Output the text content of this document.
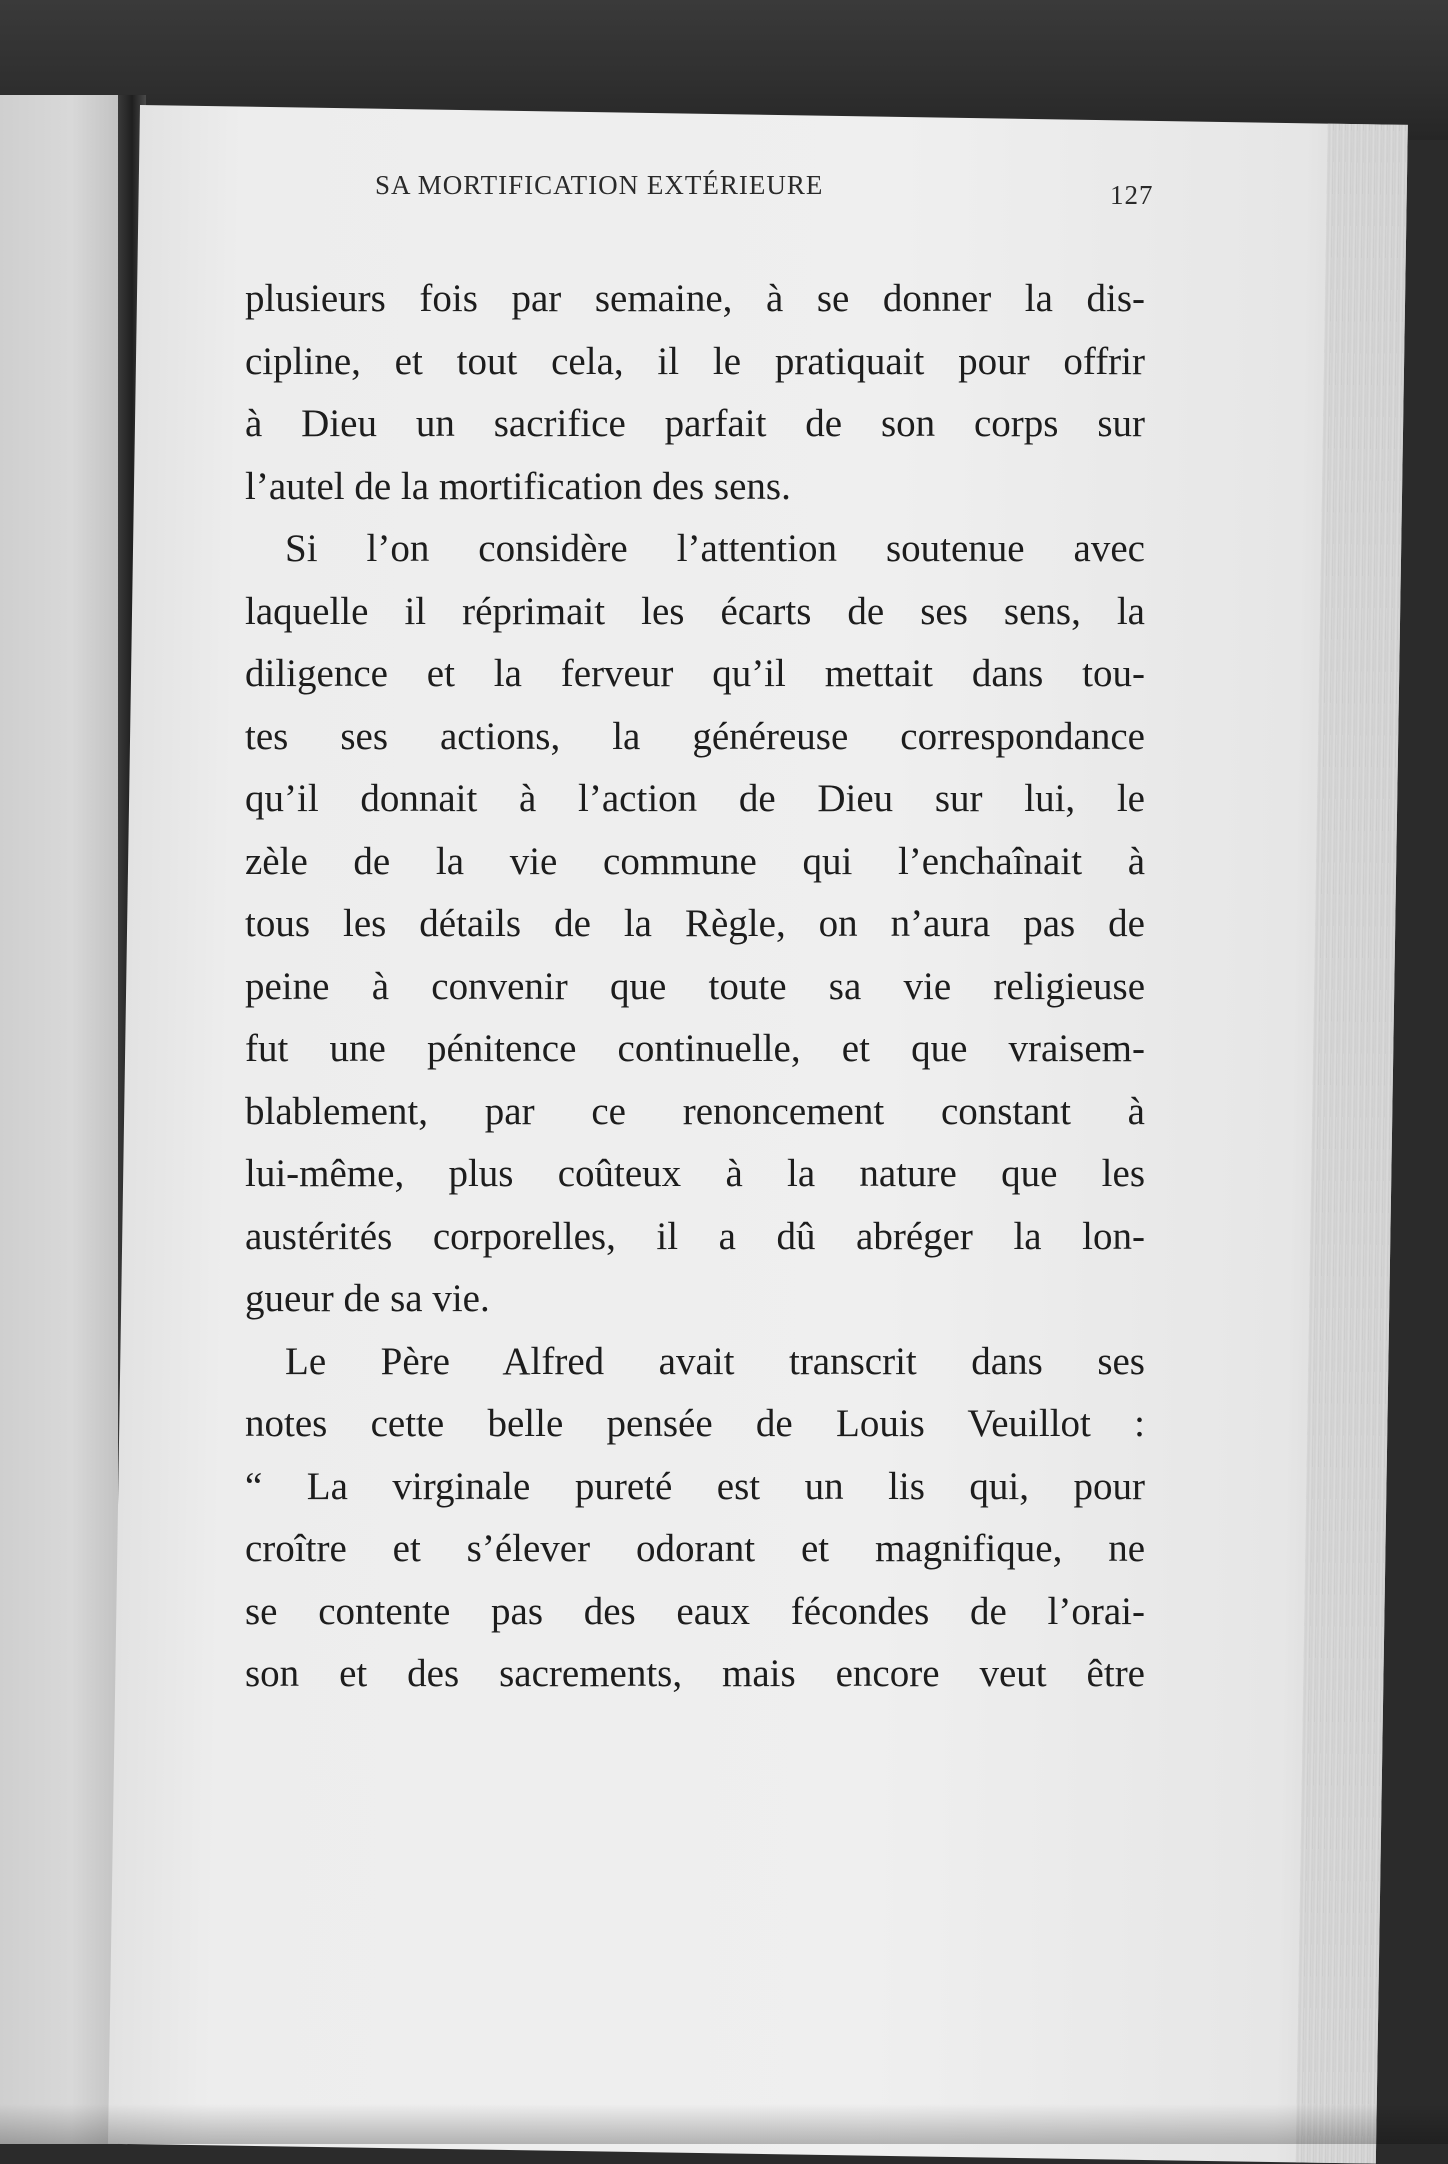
SA MORTIFICATION EXTÉRIEURE	127
plusieurs fois par semaine, à se donner la dis-
cipline, et tout cela, il le pratiquait pour offrir
à Dieu un sacrifice parfait de son corps sur
l’autel de la mortification des sens.
Si l’on considère l’attention soutenue avec
laquelle il réprimait les écarts de ses sens, la
diligence et la ferveur qu’il mettait dans tou-
tes ses actions, la généreuse correspondance
qu’il donnait à l’action de Dieu sur lui, le
zèle de la vie commune qui l’enchaînait à
tous les détails de la Règle, on n’aura pas de
peine à convenir que toute sa vie religieuse
fut une pénitence continuelle, et que vraisem-
blablement, par ce renoncement constant à
lui-même, plus coûteux à la nature que les
austérités corporelles, il a dû abréger la lon-
gueur de sa vie.
Le Père Alfred avait transcrit dans ses
notes cette belle pensée de Louis Veuillot :
“ La virginale pureté est un lis qui, pour
croître et s’élever odorant et magnifique, ne
se contente pas des eaux fécondes de l’orai-
son et des sacrements, mais encore veut être
